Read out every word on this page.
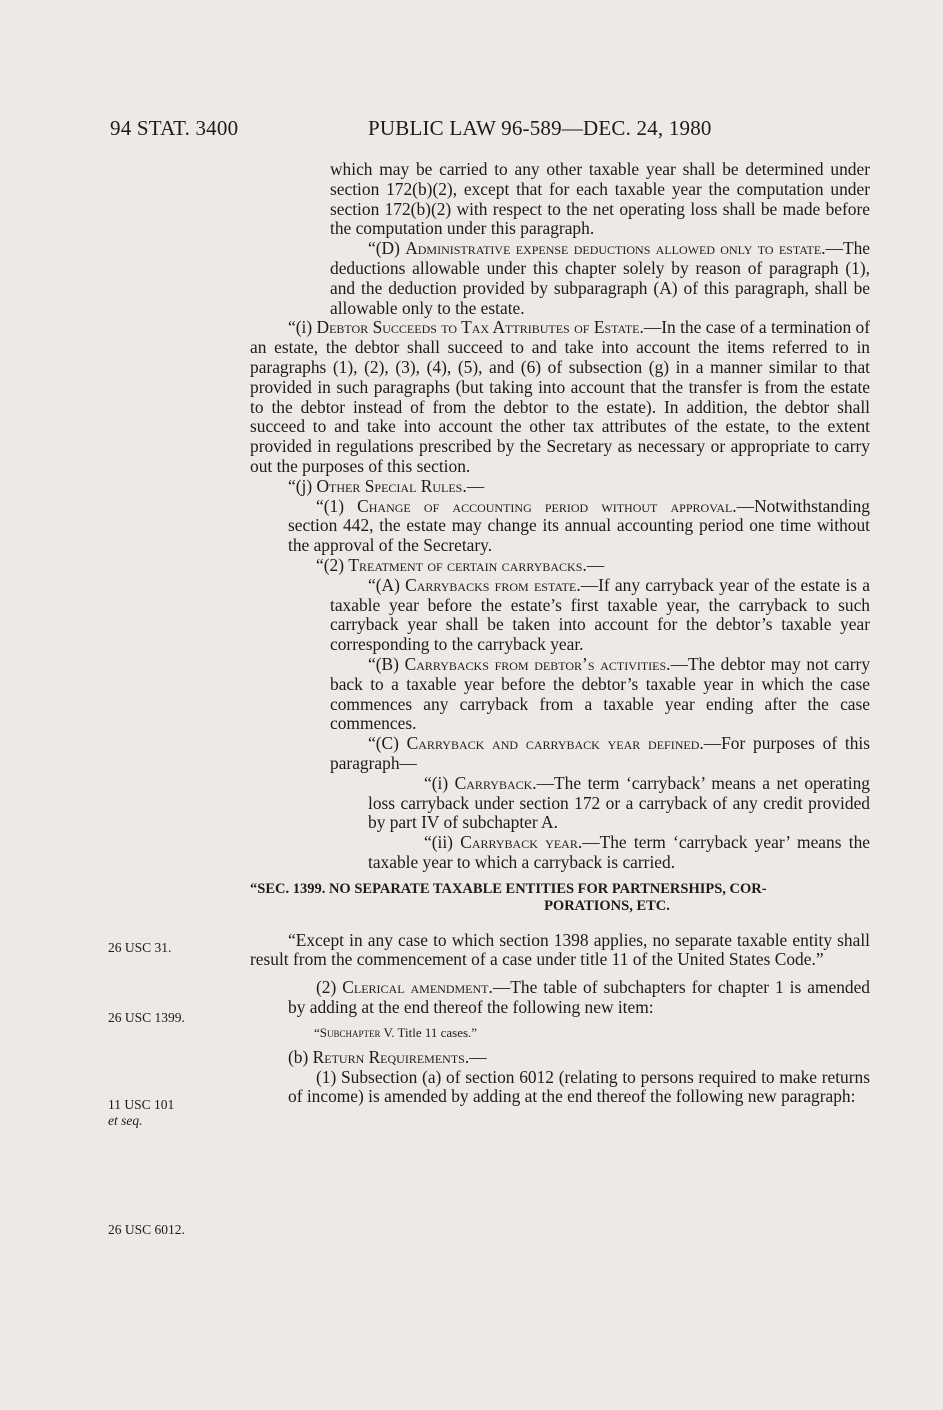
94 STAT. 3400	PUBLIC LAW 96-589—DEC. 24, 1980
26 USC 31.
26 USC 1399.
11 USC 101
et seq.
26 USC 6012.

which may be carried to any other taxable year shall be determined under section 172(b)(2), except that for each taxable year the computation under section 172(b)(2) with respect to the net operating loss shall be made before the computation under this paragraph.

“(D) Administrative expense deductions allowed only to estate.—The deductions allowable under this chapter solely by reason of paragraph (1), and the deduction provided by subparagraph (A) of this paragraph, shall be allowable only to the estate.

“(i) Debtor Succeeds to Tax Attributes of Estate.—In the case of a termination of an estate, the debtor shall succeed to and take into account the items referred to in paragraphs (1), (2), (3), (4), (5), and (6) of subsection (g) in a manner similar to that provided in such paragraphs (but taking into account that the transfer is from the estate to the debtor instead of from the debtor to the estate). In addition, the debtor shall succeed to and take into account the other tax attributes of the estate, to the extent provided in regulations prescribed by the Secretary as necessary or appropriate to carry out the purposes of this section.

“(j) Other Special Rules.—

“(1) Change of accounting period without approval.—Notwithstanding section 442, the estate may change its annual accounting period one time without the approval of the Secretary.

“(2) Treatment of certain carrybacks.—

“(A) Carrybacks from estate.—If any carryback year of the estate is a taxable year before the estate’s first taxable year, the carryback to such carryback year shall be taken into account for the debtor’s taxable year corresponding to the carryback year.

“(B) Carrybacks from debtor’s activities.—The debtor may not carry back to a taxable year before the debtor’s taxable year in which the case commences any carryback from a taxable year ending after the case commences.

“(C) Carryback and carryback year defined.—For purposes of this paragraph—

“(i) Carryback.—The term ‘carryback’ means a net operating loss carryback under section 172 or a carryback of any credit provided by part IV of subchapter A.

“(ii) Carryback year.—The term ‘carryback year’ means the taxable year to which a carryback is carried.

“SEC. 1399. NO SEPARATE TAXABLE ENTITIES FOR PARTNERSHIPS, COR-

PORATIONS, ETC.

“Except in any case to which section 1398 applies, no separate taxable entity shall result from the commencement of a case under title 11 of the United States Code.”

(2) Clerical amendment.—The table of subchapters for chapter 1 is amended by adding at the end thereof the following new item:

“Subchapter V. Title 11 cases.”

(b) Return Requirements.—

(1) Subsection (a) of section 6012 (relating to persons required to make returns of income) is amended by adding at the end thereof the following new paragraph:
